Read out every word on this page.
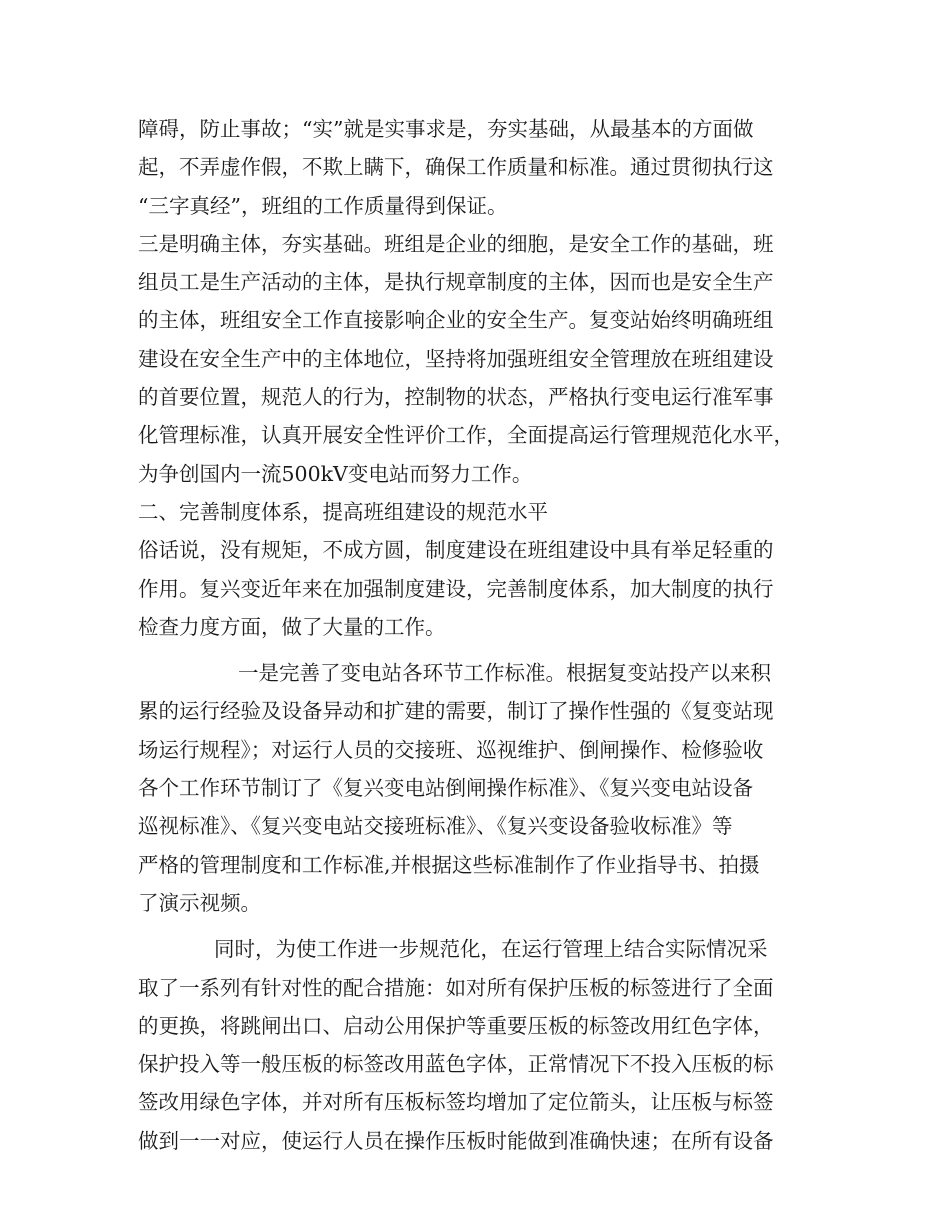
障碍，防止事故；“实”就是实事求是，夯实基础，从最基本的方面做
起，不弄虚作假，不欺上瞒下，确保工作质量和标准。通过贯彻执行这
“三字真经”，班组的工作质量得到保证。
三是明确主体，夯实基础。班组是企业的细胞，是安全工作的基础，班
组员工是生产活动的主体，是执行规章制度的主体，因而也是安全生产
的主体，班组安全工作直接影响企业的安全生产。复变站始终明确班组
建设在安全生产中的主体地位，坚持将加强班组安全管理放在班组建设
的首要位置，规范人的行为，控制物的状态，严格执行变电运行准军事
化管理标准，认真开展安全性评价工作，全面提高运行管理规范化水平，
为争创国内一流500kV变电站而努力工作。
二、完善制度体系，提高班组建设的规范水平
俗话说，没有规矩，不成方圆，制度建设在班组建设中具有举足轻重的
作用。复兴变近年来在加强制度建设，完善制度体系，加大制度的执行
检查力度方面，做了大量的工作。
一是完善了变电站各环节工作标准。根据复变站投产以来积
累的运行经验及设备异动和扩建的需要，制订了操作性强的《复变站现
场运行规程》；对运行人员的交接班、巡视维护、倒闸操作、检修验收
各个工作环节制订了《复兴变电站倒闸操作标准》、《复兴变电站设备
巡视标准》、《复兴变电站交接班标准》、《复兴变设备验收标准》等
严格的管理制度和工作标准,并根据这些标准制作了作业指导书、拍摄
了演示视频。
同时，为使工作进一步规范化，在运行管理上结合实际情况采
取了一系列有针对性的配合措施：如对所有保护压板的标签进行了全面
的更换，将跳闸出口、启动公用保护等重要压板的标签改用红色字体，
保护投入等一般压板的标签改用蓝色字体，正常情况下不投入压板的标
签改用绿色字体，并对所有压板标签均增加了定位箭头，让压板与标签
做到一一对应，使运行人员在操作压板时能做到准确快速；在所有设备
